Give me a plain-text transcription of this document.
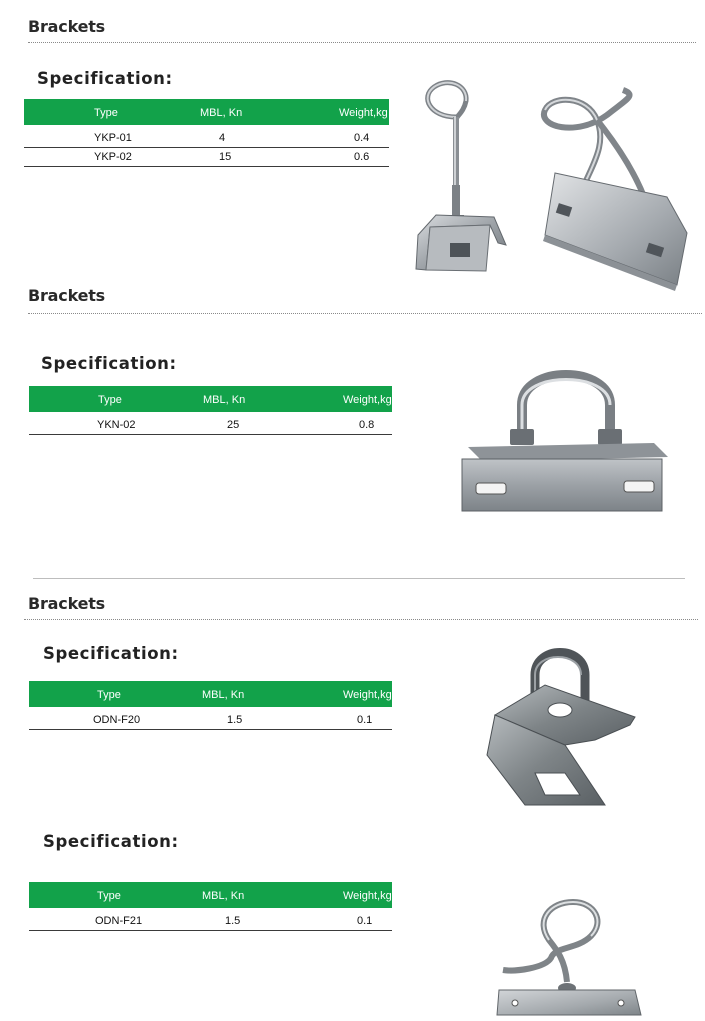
Brackets
Specification:
Type	MBL, Kn	Weight,kg
YKP-01	4	0.4
YKP-02	15	0.6
Brackets
Specification:
Type	MBL, Kn	Weight,kg
YKN-02	25	0.8
Brackets
Specification:
Type	MBL, Kn	Weight,kg
ODN-F20	1.5	0.1
Specification:
Type	MBL, Kn	Weight,kg
ODN-F21	1.5	0.1
